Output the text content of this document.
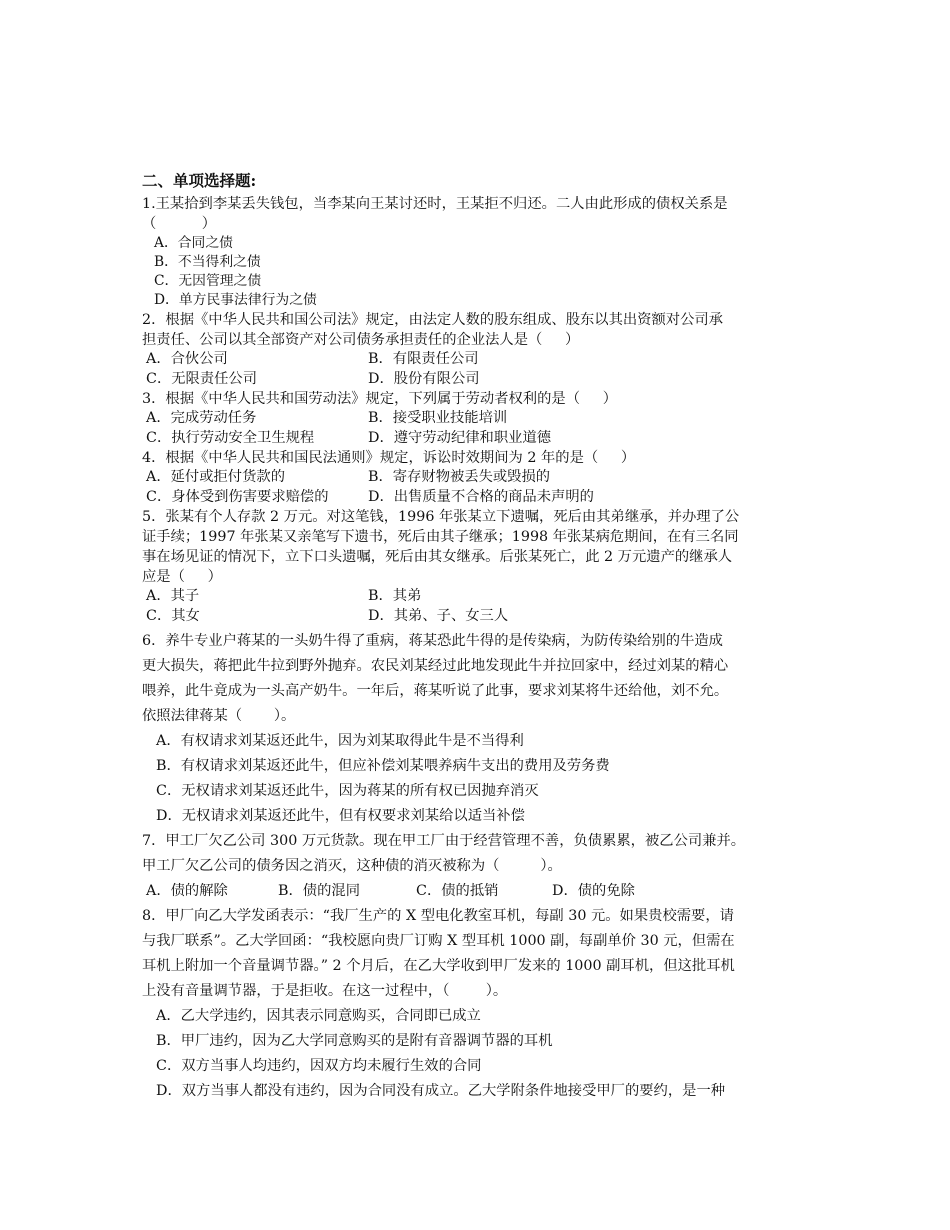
二、单项选择题:

1.王某拾到李某丢失钱包，当李某向王某讨还时，王某拒不归还。二人由此形成的债权关系是

（          ）

A．合同之债
B．不当得利之债
C．无因管理之债
D．单方民事法律行为之债

2．根据《中华人民共和国公司法》规定，由法定人数的股东组成、股东以其出资额对公司承

担责任、公司以其全部资产对公司债务承担责任的企业法人是（     ）

A．合伙公司	B．有限责任公司
C．无限责任公司	D．股份有限公司

3．根据《中华人民共和国劳动法》规定，下列属于劳动者权利的是（     ）

A．完成劳动任务	B．接受职业技能培训
C．执行劳动安全卫生规程	D．遵守劳动纪律和职业道德

4．根据《中华人民共和国民法通则》规定，诉讼时效期间为 2 年的是（     ）

A．延付或拒付货款的	B．寄存财物被丢失或毁损的
C．身体受到伤害要求赔偿的	D．出售质量不合格的商品未声明的

5．张某有个人存款 2 万元。对这笔钱，1996 年张某立下遗嘱，死后由其弟继承，并办理了公

证手续；1997 年张某又亲笔写下遗书，死后由其子继承；1998 年张某病危期间，在有三名同

事在场见证的情况下，立下口头遗嘱，死后由其女继承。后张某死亡，此 2 万元遗产的继承人

应是（     ）

A．其子	B．其弟
C．其女	D．其弟、子、女三人

6．养牛专业户蒋某的一头奶牛得了重病，蒋某恐此牛得的是传染病，为防传染给别的牛造成

更大损失，蒋把此牛拉到野外抛弃。农民刘某经过此地发现此牛并拉回家中，经过刘某的精心

喂养，此牛竟成为一头高产奶牛。一年后，蒋某听说了此事，要求刘某将牛还给他，刘不允。

依照法律蒋某（       ）。

A．有权请求刘某返还此牛，因为刘某取得此牛是不当得利
B．有权请求刘某返还此牛，但应补偿刘某喂养病牛支出的费用及劳务费
C．无权请求刘某返还此牛，因为蒋某的所有权已因抛弃消灭
D．无权请求刘某返还此牛，但有权要求刘某给以适当补偿

7．甲工厂欠乙公司 300 万元货款。现在甲工厂由于经营管理不善，负债累累，被乙公司兼并。

甲工厂欠乙公司的债务因之消灭，这种债的消灭被称为（         ）。

A．债的解除	B．债的混同	C．债的抵销	D．债的免除

8．甲厂向乙大学发函表示：“我厂生产的 X 型电化教室耳机，每副 30 元。如果贵校需要，请

与我厂联系”。乙大学回函：“我校愿向贵厂订购 X 型耳机 1000 副，每副单价 30 元，但需在

耳机上附加一个音量调节器。” 2 个月后，在乙大学收到甲厂发来的 1000 副耳机，但这批耳机

上没有音量调节器，于是拒收。在这一过程中，（        ）。

A．乙大学违约，因其表示同意购买，合同即已成立
B．甲厂违约，因为乙大学同意购买的是附有音器调节器的耳机
C．双方当事人均违约，因双方均未履行生效的合同
D．双方当事人都没有违约，因为合同没有成立。乙大学附条件地接受甲厂的要约，是一种
